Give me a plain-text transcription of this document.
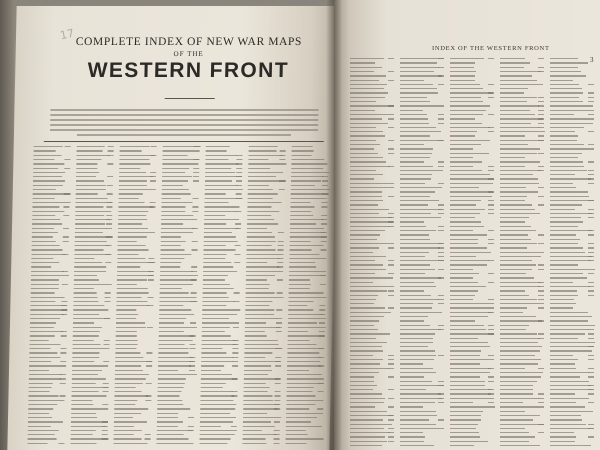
17 COMPLETE INDEX OF NEW WAR MAPS
OF THE
WESTERN FRONT
INDEX OF THE WESTERN FRONT
3
